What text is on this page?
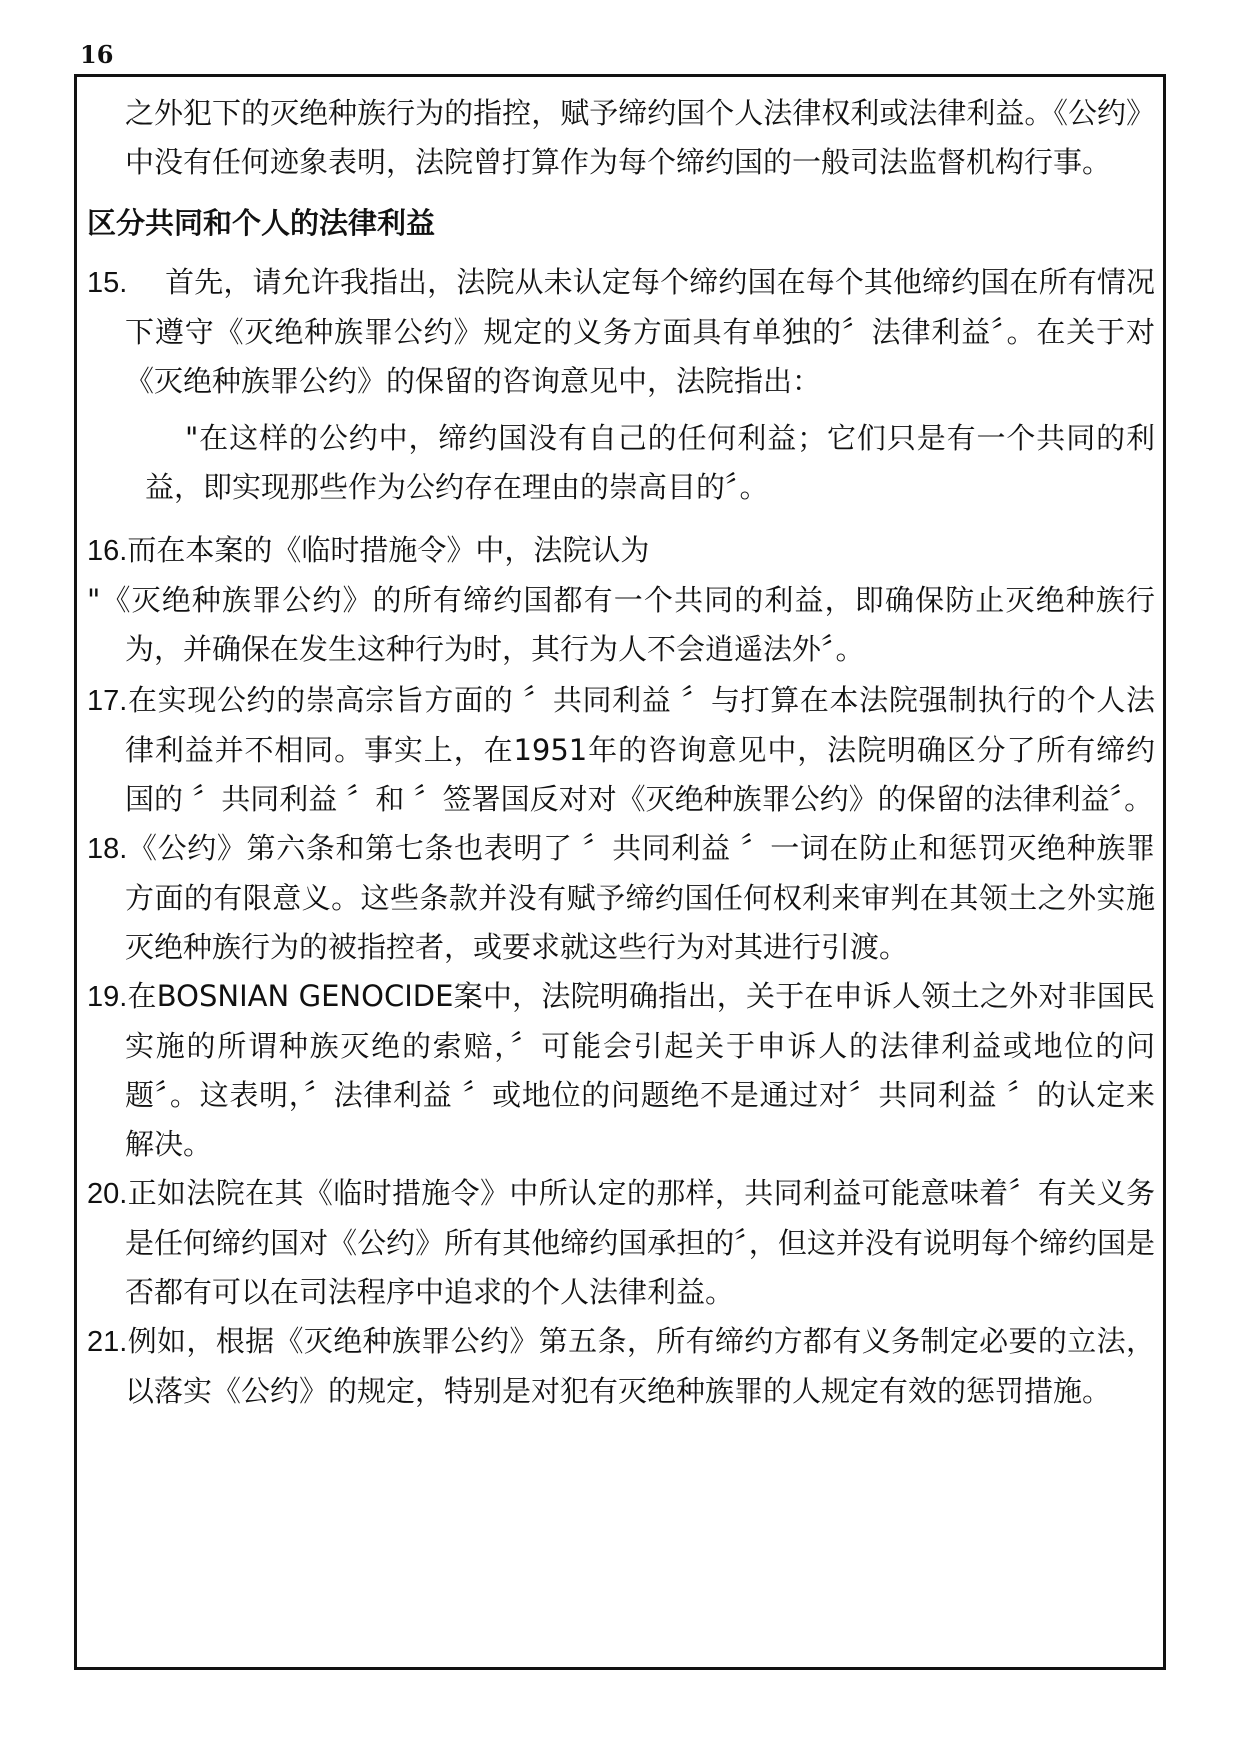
16
之外犯下的灭绝种族行为的指控，赋予缔约国个人法律权利或法律利益。《公约》中没有任何迹象表明，法院曾打算作为每个缔约国的一般司法监督机构行事。
区分共同和个人的法律利益
15. 首先，请允许我指出，法院从未认定每个缔约国在每个其他缔约国在所有情况下遵守《灭绝种族罪公约》规定的义务方面具有单独的〞法律利益〞。在关于对《灭绝种族罪公约》的保留的咨询意见中，法院指出：
"在这样的公约中，缔约国没有自己的任何利益；它们只是有一个共同的利益，即实现那些作为公约存在理由的崇高目的〞。
16.而在本案的《临时措施令》中，法院认为
"《灭绝种族罪公约》的所有缔约国都有一个共同的利益，即确保防止灭绝种族行为，并确保在发生这种行为时，其行为人不会逍遥法外〞。
17.在实现公约的崇高宗旨方面的 〞共同利益 〞与打算在本法院强制执行的个人法律利益并不相同。事实上，在1951年的咨询意见中，法院明确区分了所有缔约国的 〞共同利益 〞和 〞签署国反对对《灭绝种族罪公约》的保留的法律利益〞。
18.《公约》第六条和第七条也表明了 〞共同利益 〞一词在防止和惩罚灭绝种族罪方面的有限意义。这些条款并没有赋予缔约国任何权利来审判在其领土之外实施灭绝种族行为的被指控者，或要求就这些行为对其进行引渡。
19.在BOSNIAN GENOCIDE案中，法院明确指出，关于在申诉人领土之外对非国民实施的所谓种族灭绝的索赔，〞可能会引起关于申诉人的法律利益或地位的问题〞。这表明，〞法律利益 〞或地位的问题绝不是通过对〞共同利益 〞的认定来解决。
20.正如法院在其《临时措施令》中所认定的那样，共同利益可能意味着〞有关义务是任何缔约国对《公约》所有其他缔约国承担的〞，但这并没有说明每个缔约国是否都有可以在司法程序中追求的个人法律利益。
21.例如，根据《灭绝种族罪公约》第五条，所有缔约方都有义务制定必要的立法，以落实《公约》的规定，特别是对犯有灭绝种族罪的人规定有效的惩罚措施。
